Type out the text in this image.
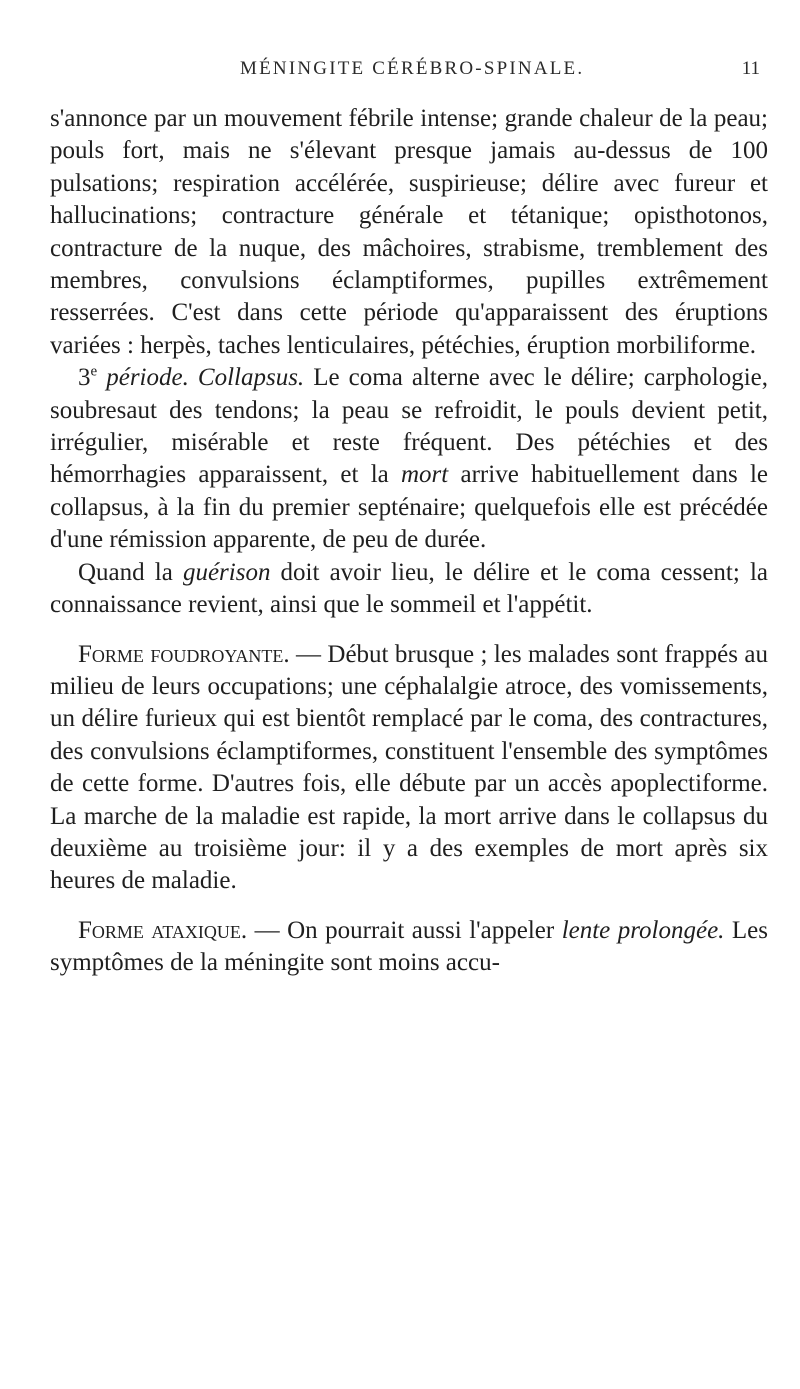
MÉNINGITE CÉRÉBRO-SPINALE.	11

s'annonce par un mouvement fébrile intense; grande chaleur de la peau; pouls fort, mais ne s'élevant presque jamais au-dessus de 100 pulsations; respiration accélérée, suspirieuse; délire avec fureur et hallucinations; contracture générale et tétanique; opisthotonos, contracture de la nuque, des mâchoires, strabisme, tremblement des membres, convulsions éclamptiformes, pupilles extrêmement resserrées. C'est dans cette période qu'apparaissent des éruptions variées : herpès, taches lenticulaires, pétéchies, éruption morbiliforme.

3e période. Collapsus. Le coma alterne avec le délire; carphologie, soubresaut des tendons; la peau se refroidit, le pouls devient petit, irrégulier, misérable et reste fréquent. Des pétéchies et des hémorrhagies apparaissent, et la mort arrive habituellement dans le collapsus, à la fin du premier septénaire; quelquefois elle est précédée d'une rémission apparente, de peu de durée.

Quand la guérison doit avoir lieu, le délire et le coma cessent; la connaissance revient, ainsi que le sommeil et l'appétit.

Forme foudroyante. — Début brusque ; les malades sont frappés au milieu de leurs occupations; une céphalalgie atroce, des vomissements, un délire furieux qui est bientôt remplacé par le coma, des contractures, des convulsions éclamptiformes, constituent l'ensemble des symptômes de cette forme. D'autres fois, elle débute par un accès apoplectiforme. La marche de la maladie est rapide, la mort arrive dans le collapsus du deuxième au troisième jour: il y a des exemples de mort après six heures de maladie.

Forme ataxique. — On pourrait aussi l'appeler lente prolongée. Les symptômes de la méningite sont moins accu-
